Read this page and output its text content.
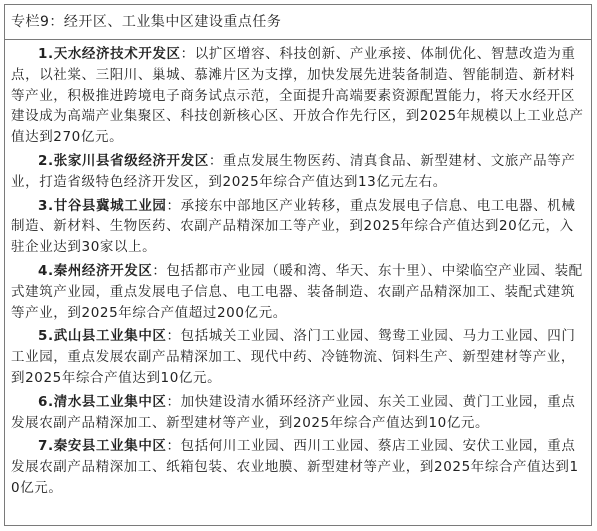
专栏9：经开区、工业集中区建设重点任务

1.天水经济技术开发区：以扩区增容、科技创新、产业承接、体制优化、智慧改造为重点，以社棠、三阳川、巢城、慕滩片区为支撑，加快发展先进装备制造、智能制造、新材料等产业，积极推进跨境电子商务试点示范，全面提升高端要素资源配置能力，将天水经开区建设成为高端产业集聚区、科技创新核心区、开放合作先行区，到2025年规模以上工业总产值达到270亿元。

2.张家川县省级经济开发区：重点发展生物医药、清真食品、新型建材、文旅产品等产业，打造省级特色经济开发区，到2025年综合产值达到13亿元左右。

3.甘谷县冀城工业园：承接东中部地区产业转移，重点发展电子信息、电工电器、机械制造、新材料、生物医药、农副产品精深加工等产业，到2025年综合产值达到20亿元，入驻企业达到30家以上。

4.秦州经济开发区：包括都市产业园（暖和湾、华天、东十里）、中梁临空产业园、装配式建筑产业园，重点发展电子信息、电工电器、装备制造、农副产品精深加工、装配式建筑等产业，到2025年综合产值超过200亿元。

5.武山县工业集中区：包括城关工业园、洛门工业园、鸳鸯工业园、马力工业园、四门工业园，重点发展农副产品精深加工、现代中药、冷链物流、饲料生产、新型建材等产业，到2025年综合产值达到10亿元。

6.清水县工业集中区：加快建设清水循环经济产业园、东关工业园、黄门工业园，重点发展农副产品精深加工、新型建材等产业，到2025年综合产值达到10亿元。

7.秦安县工业集中区：包括何川工业园、西川工业园、蔡店工业园、安伏工业园，重点发展农副产品精深加工、纸箱包装、农业地膜、新型建材等产业，到2025年综合产值达到10亿元。
